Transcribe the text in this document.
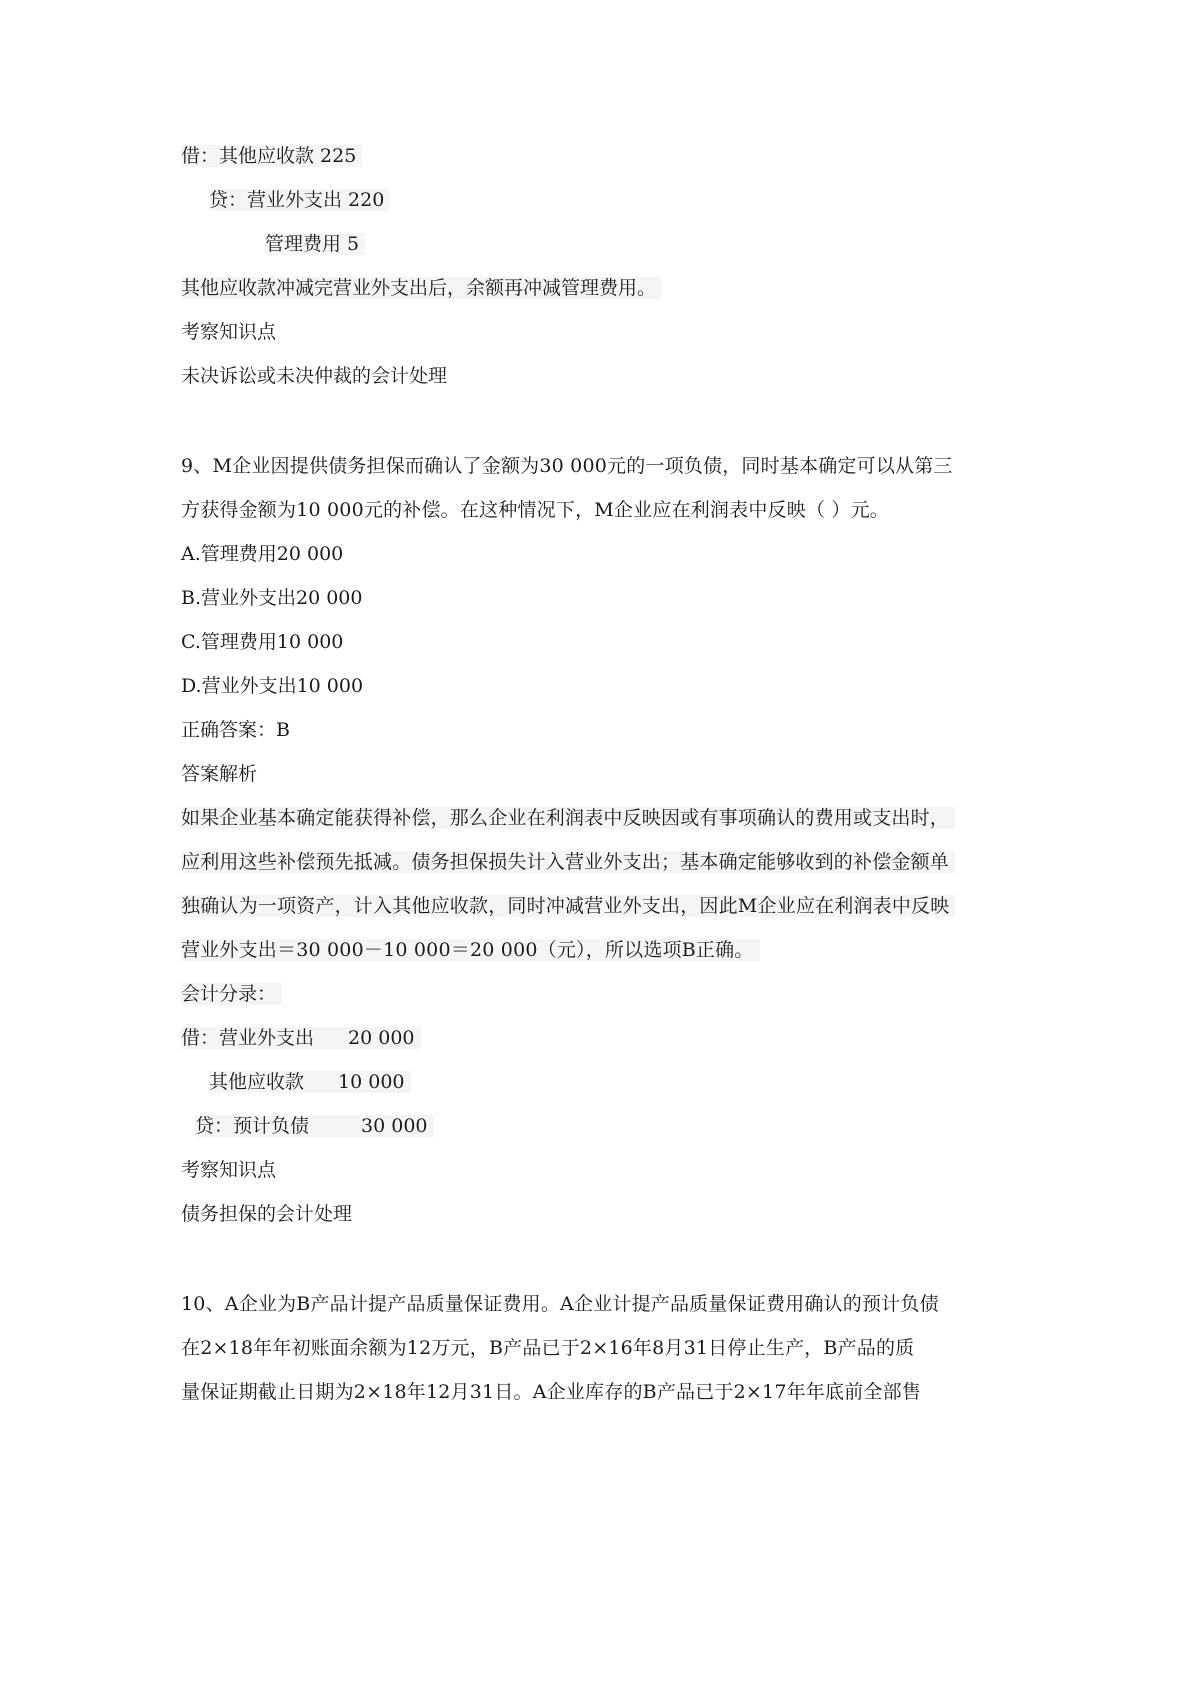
借：其他应收款 225
贷：营业外支出 220
管理费用 5
其他应收款冲减完营业外支出后，余额再冲减管理费用。
考察知识点
未决诉讼或未决仲裁的会计处理
9、M企业因提供债务担保而确认了金额为30 000元的一项负债，同时基本确定可以从第三
方获得金额为10 000元的补偿。在这种情况下，M企业应在利润表中反映（ ）元。
A.管理费用20 000
B.营业外支出20 000
C.管理费用10 000
D.营业外支出10 000
正确答案：B
答案解析
如果企业基本确定能获得补偿，那么企业在利润表中反映因或有事项确认的费用或支出时，
应利用这些补偿预先抵减。债务担保损失计入营业外支出；基本确定能够收到的补偿金额单
独确认为一项资产，计入其他应收款，同时冲减营业外支出，因此M企业应在利润表中反映
营业外支出＝30 000－10 000＝20 000（元），所以选项B正确。
会计分录：
借：营业外支出 20 000
其他应收款 10 000
贷：预计负债	30 000
考察知识点
债务担保的会计处理
10、A企业为B产品计提产品质量保证费用。A企业计提产品质量保证费用确认的预计负债
在2×18年年初账面余额为12万元，B产品已于2×16年8月31日停止生产，B产品的质
量保证期截止日期为2×18年12月31日。A企业库存的B产品已于2×17年年底前全部售
